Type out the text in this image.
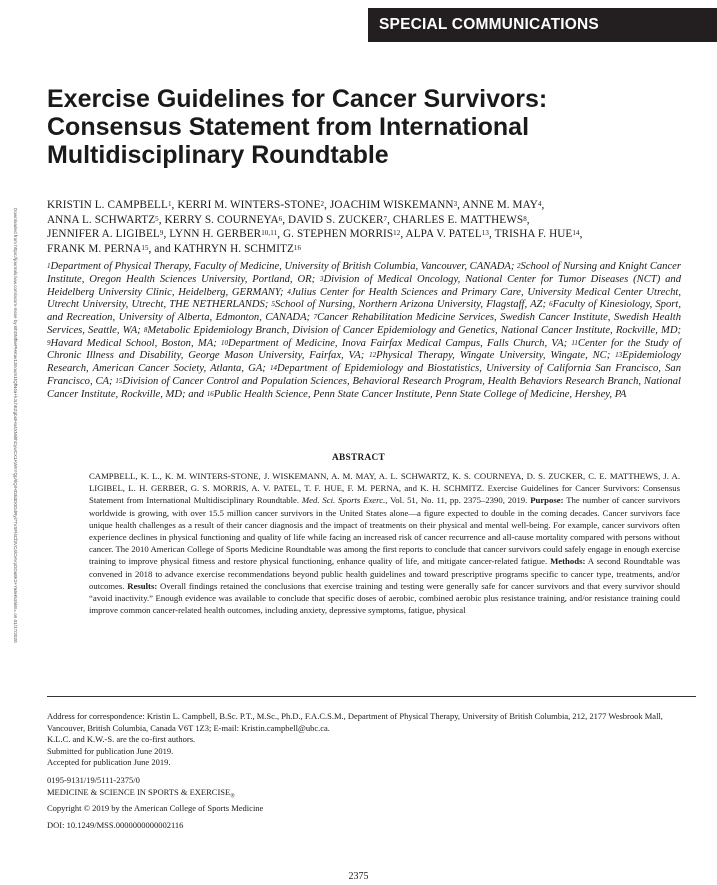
SPECIAL COMMUNICATIONS
Exercise Guidelines for Cancer Survivors:
Consensus Statement from International
Multidisciplinary Roundtable
Downloaded from https://journals.lww.com/acsm-msse by BhDMf5ePHKav1zEoum1tQfN4a+kJLhEZgbsIHo4XMi0hCywCX1AWnYQp/IlQrHD3i3D0OdRyi7TvSFl4Cf3VC4/OAVpDDa8K2+Ya6H515kE= on 01/17/2020
KRISTIN L. CAMPBELL$^1$, KERRI M. WINTERS-STONE$^2$, JOACHIM WISKEMANN$^3$, ANNE M. MAY$^4$,
ANNA L. SCHWARTZ$^5$, KERRY S. COURNEYA$^6$, DAVID S. ZUCKER$^7$, CHARLES E. MATTHEWS$^8$,
JENNIFER A. LIGIBEL$^9$, LYNN H. GERBER$^{10,11}$, G. STEPHEN MORRIS$^{12}$, ALPA V. PATEL$^{13}$, TRISHA F. HUE$^{14}$,
FRANK M. PERNA$^{15}$, and KATHRYN H. SCHMITZ$^{16}$
$^1$Department of Physical Therapy, Faculty of Medicine, University of British Columbia, Vancouver, CANADA; $^2$School of Nursing and Knight Cancer Institute, Oregon Health Sciences University, Portland, OR; $^3$Division of Medical Oncology, National Center for Tumor Diseases (NCT) and Heidelberg University Clinic, Heidelberg, GERMANY; $^4$Julius Center for Health Sciences and Primary Care, University Medical Center Utrecht, Utrecht University, Utrecht, THE NETHERLANDS; $^5$School of Nursing, Northern Arizona University, Flagstaff, AZ; $^6$Faculty of Kinesiology, Sport, and Recreation, University of Alberta, Edmonton, CANADA; $^7$Cancer Rehabilitation Medicine Services, Swedish Cancer Institute, Swedish Health Services, Seattle, WA; $^8$Metabolic Epidemiology Branch, Division of Cancer Epidemiology and Genetics, National Cancer Institute, Rockville, MD; $^9$Havard Medical School, Boston, MA; $^{10}$Department of Medicine, Inova Fairfax Medical Campus, Falls Church, VA; $^{11}$Center for the Study of Chronic Illness and Disability, George Mason University, Fairfax, VA; $^{12}$Physical Therapy, Wingate University, Wingate, NC; $^{13}$Epidemiology Research, American Cancer Society, Atlanta, GA; $^{14}$Department of Epidemiology and Biostatistics, University of California San Francisco, San Francisco, CA; $^{15}$Division of Cancer Control and Population Sciences, Behavioral Research Program, Health Behaviors Research Branch, National Cancer Institute, Rockville, MD; and $^{16}$Public Health Science, Penn State Cancer Institute, Penn State College of Medicine, Hershey, PA
ABSTRACT
CAMPBELL, K. L., K. M. WINTERS-STONE, J. WISKEMANN, A. M. MAY, A. L. SCHWARTZ, K. S. COURNEYA, D. S. ZUCKER, C. E. MATTHEWS, J. A. LIGIBEL, L. H. GERBER, G. S. MORRIS, A. V. PATEL, T. F. HUE, F. M. PERNA, and K. H. SCHMITZ. Exercise Guidelines for Cancer Survivors: Consensus Statement from International Multidisciplinary Roundtable. Med. Sci. Sports Exerc., Vol. 51, No. 11, pp. 2375–2390, 2019. Purpose: The number of cancer survivors worldwide is growing, with over 15.5 million cancer survivors in the United States alone—a figure expected to double in the coming decades. Cancer survivors face unique health challenges as a result of their cancer diagnosis and the impact of treatments on their physical and mental well-being. For example, cancer survivors often experience declines in physical functioning and quality of life while facing an increased risk of cancer recurrence and all-cause mortality compared with persons without cancer. The 2010 American College of Sports Medicine Roundtable was among the first reports to conclude that cancer survivors could safely engage in enough exercise training to improve physical fitness and restore physical functioning, enhance quality of life, and mitigate cancer-related fatigue. Methods: A second Roundtable was convened in 2018 to advance exercise recommendations beyond public health guidelines and toward prescriptive programs specific to cancer type, treatments, and/or outcomes. Results: Overall findings retained the conclusions that exercise training and testing were generally safe for cancer survivors and that every survivor should “avoid inactivity.” Enough evidence was available to conclude that specific doses of aerobic, combined aerobic plus resistance training, and/or resistance training could improve common cancer-related health outcomes, including anxiety, depressive symptoms, fatigue, physical
Address for correspondence: Kristin L. Campbell, B.Sc. P.T., M.Sc., Ph.D., F.A.C.S.M., Department of Physical Therapy, University of British Columbia, 212, 2177 Wesbrook Mall, Vancouver, British Columbia, Canada V6T 1Z3; E-mail: Kristin.campbell@ubc.ca.
K.L.C. and K.W.-S. are the co-first authors.
Submitted for publication June 2019.
Accepted for publication June 2019.
0195-9131/19/5111-2375/0
MEDICINE & SCIENCE IN SPORTS & $EXERCISE_®$
Copyright © 2019 by the American College of Sports Medicine
DOI: 10.1249/MSS.0000000000002116
2375
